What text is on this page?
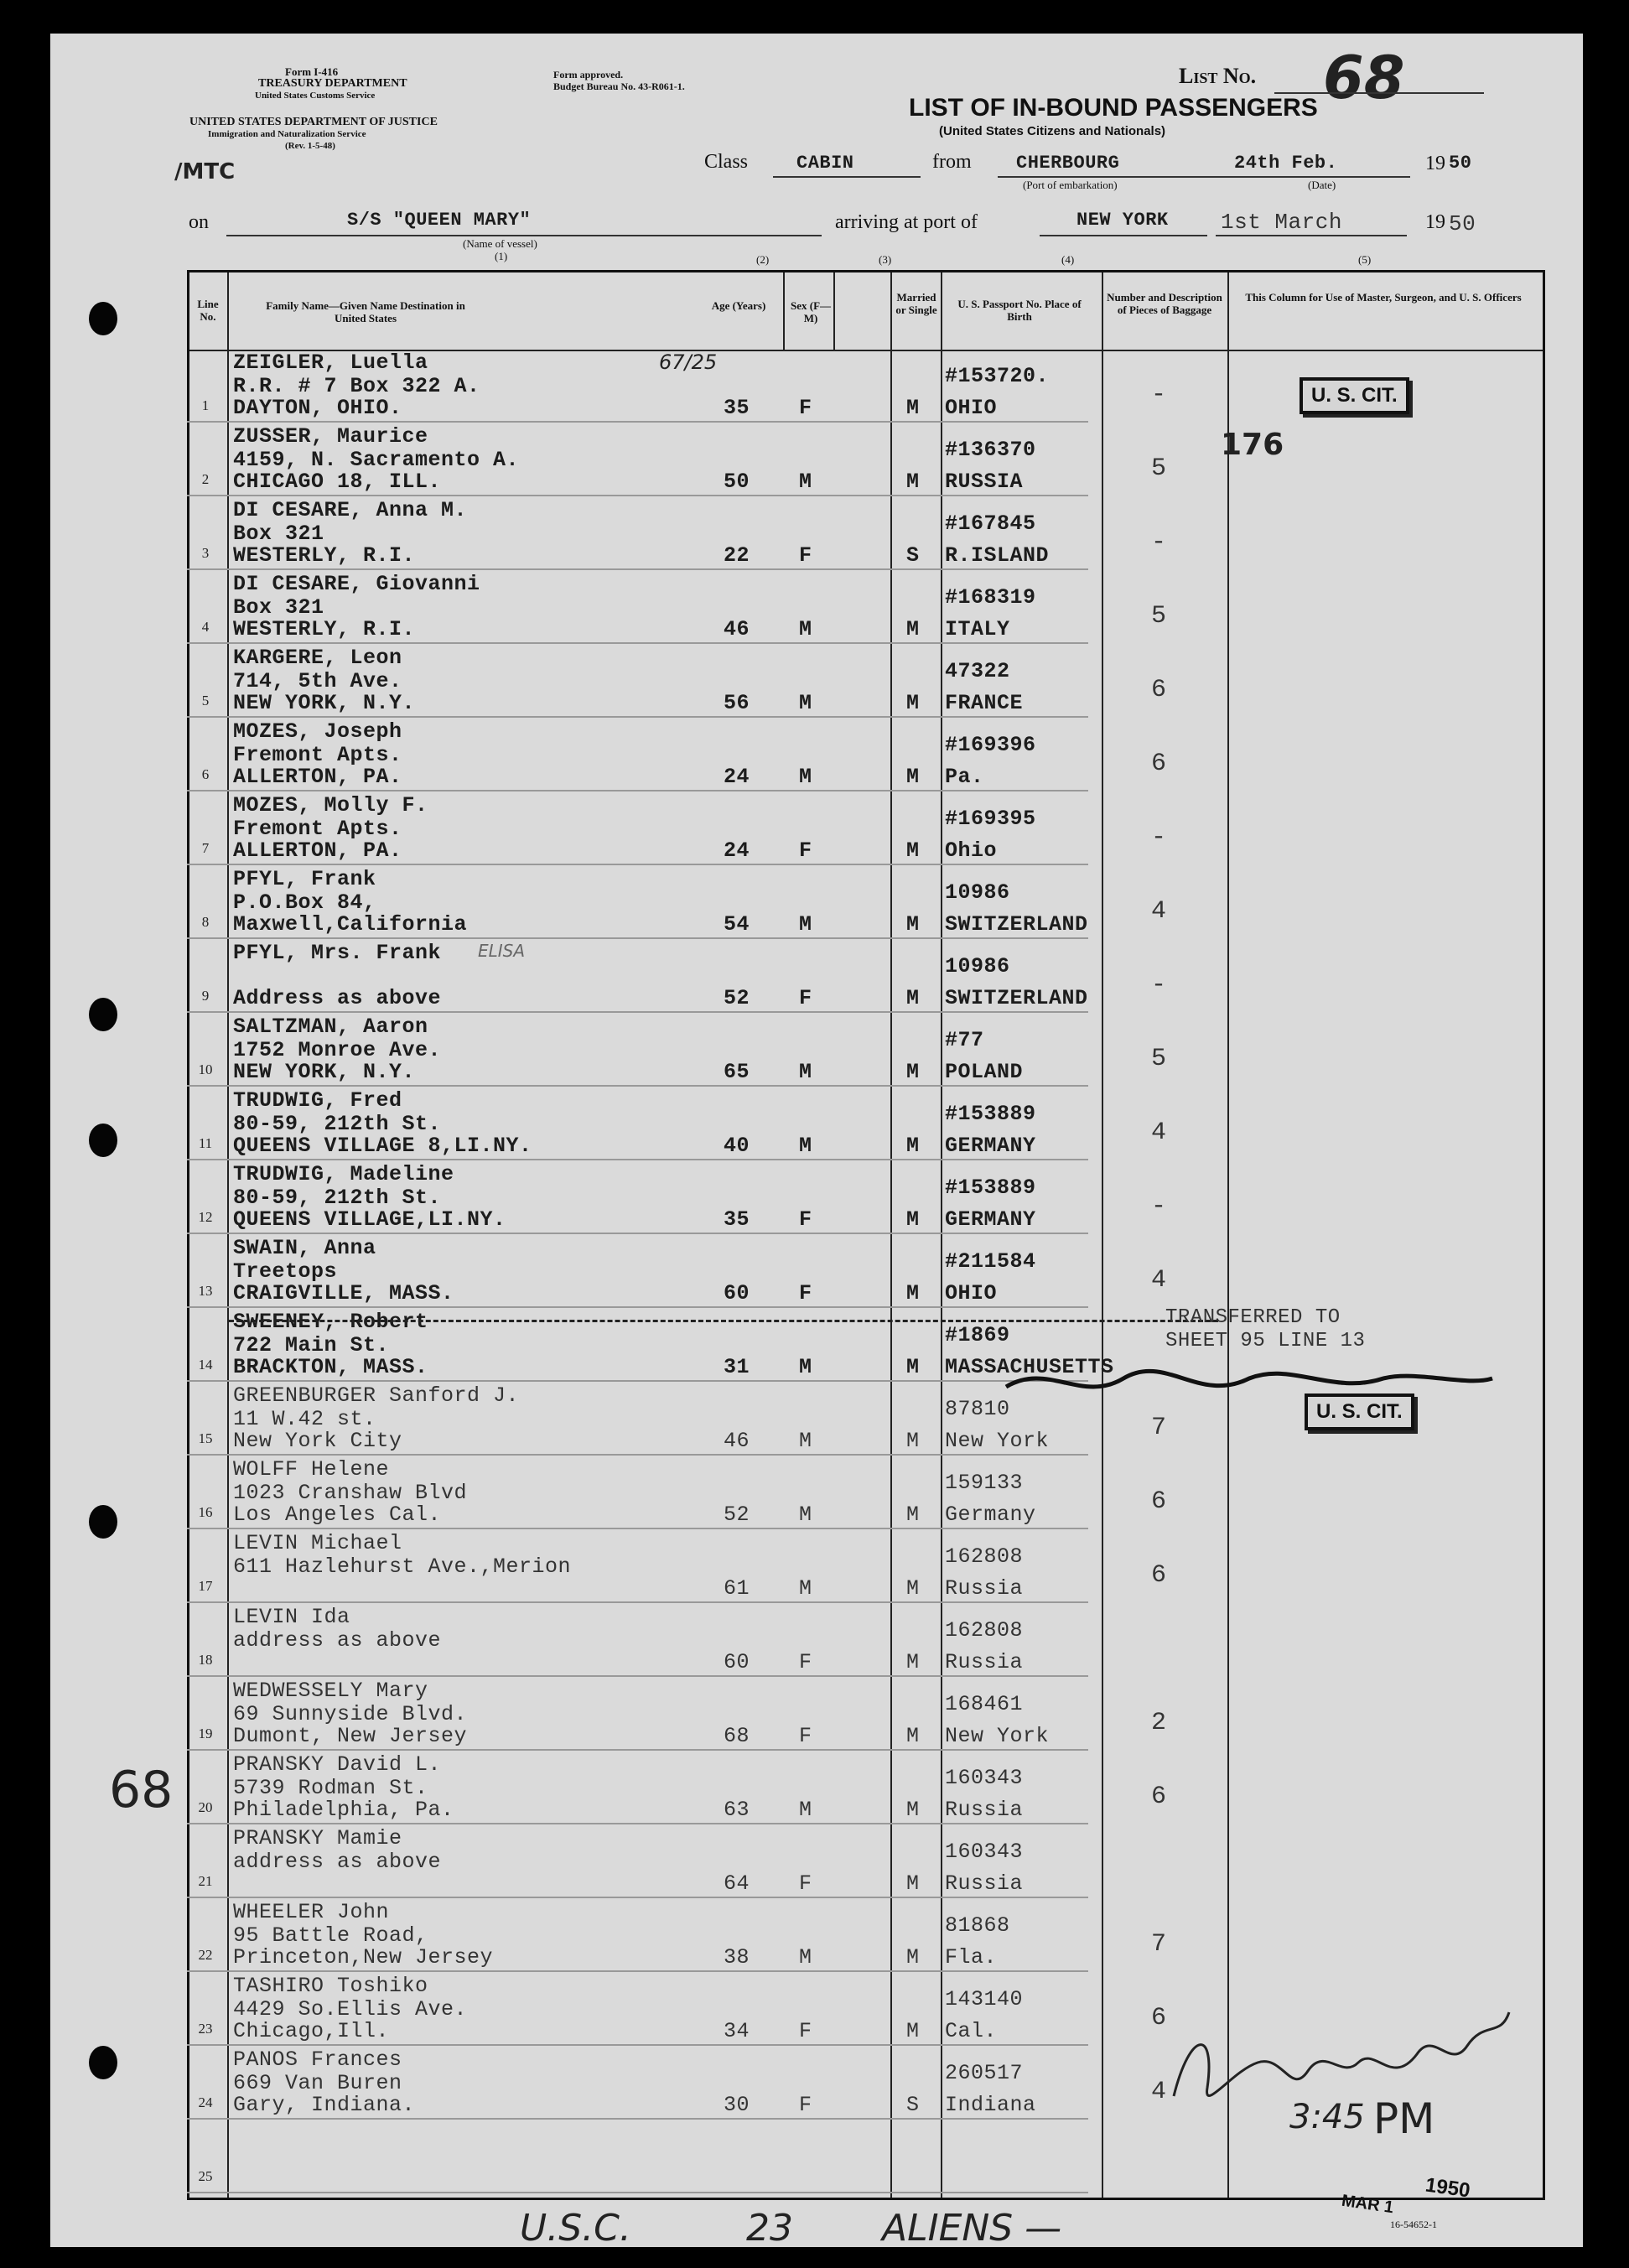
Form I-416
TREASURY DEPARTMENT
United States Customs Service
UNITED STATES DEPARTMENT OF JUSTICE
Immigration and Naturalization Service
(Rev. 1-5-48)
Form approved.
Budget Bureau No. 43-R061-1.	List No. 68
LIST OF IN-BOUND PASSENGERS
(United States Citizens and Nationals)
/MTC	Class	CABIN	from CHERBOURG
(Port of embarkation)
24th Feb.
(Date)
19 50
on	S/S "QUEEN MARY"
(Name of vessel)
(1)
arriving at port of	NEW YORK 1st March	19 50
(2)	(3)	(4)	(5)
Line No.
Family Name—Given Name Destination in United States
Age (Years) Sex (F—M)
Married or Single	U. S. Passport No. Place of Birth
Number and Description of Pieces of Baggage
This Column for Use of Master, Surgeon, and U. S. Officers
1
ZEIGLER, Luella
R.R. # 7 Box 322 A.
DAYTON, OHIO.	35 F	M
#153720.
OHIO	-
2
ZUSSER, Maurice
4159, N. Sacramento A.
CHICAGO 18, ILL.	50 M	M
#136370
RUSSIA	5
3
DI CESARE, Anna M.
Box 321
WESTERLY, R.I.	22 F	S
#167845
R.ISLAND	-
4
DI CESARE, Giovanni
Box 321
WESTERLY, R.I.	46 M	M
#168319
ITALY	5
5
KARGERE, Leon
714, 5th Ave.
NEW YORK, N.Y.	56 M	M
47322
FRANCE	6
6
MOZES, Joseph
Fremont Apts.
ALLERTON, PA.	24 M	M
#169396
Pa.	6
7
MOZES, Molly F.
Fremont Apts.
ALLERTON, PA.	24 F	M
#169395
Ohio	-
8
PFYL, Frank
P.O.Box 84,
Maxwell,California	54 M	M
10986
SWITZERLAND	4
9
PFYL, Mrs. Frank
Address as above	52 F	M
10986
SWITZERLAND	-
10
SALTZMAN, Aaron
1752 Monroe Ave.
NEW YORK, N.Y.	65 M	M
#77
POLAND	5
11
TRUDWIG, Fred
80-59, 212th St.
QUEENS VILLAGE 8,LI.NY.	40 M	M
#153889
GERMANY	4
12
TRUDWIG, Madeline
80-59, 212th St.
QUEENS VILLAGE,LI.NY.	35 F	M
#153889
GERMANY	-
13
SWAIN, Anna
Treetops
CRAIGVILLE, MASS.	60 F	M
#211584
OHIO	4
14
SWEENEY, Robert
722 Main St.
BRACKTON, MASS.	31 M	M
#1869
MASSACHUSETTS
15
GREENBURGER Sanford J.
11 W.42 st.
New York City	46 M	M
87810
New York	7
16
WOLFF Helene
1023 Cranshaw Blvd
Los Angeles Cal.	52 M	M
159133
Germany	6
17
LEVIN Michael
611 Hazlehurst Ave.,Merion
61 M	M
162808
Russia	6
18
LEVIN Ida
address as above
60 F	M
162808
Russia
19
WEDWESSELY Mary
69 Sunnyside Blvd.
Dumont, New Jersey	68 F	M
168461
New York	2
20
PRANSKY David L.
5739 Rodman St.
Philadelphia, Pa.	63 M	M
160343
Russia	6
21
PRANSKY Mamie
address as above
64 F	M
160343
Russia
22
WHEELER John
95 Battle Road,
Princeton,New Jersey	38 M	M
81868
Fla.	7
23
TASHIRO Toshiko
4429 So.Ellis Ave.
Chicago,Ill.	34 F	M
143140
Cal.	6
24
PANOS Frances
669 Van Buren
Gary, Indiana.	30 F	S
260517
Indiana	4
25
U. S. CIT.
U. S. CIT.
176
TRANSFERRED TO
SHEET 95 LINE 13
68
ELISA
67/25
U.S.C.	23 ALIENS —
PM
3:45
MAR 1
1950
16-54652-1
